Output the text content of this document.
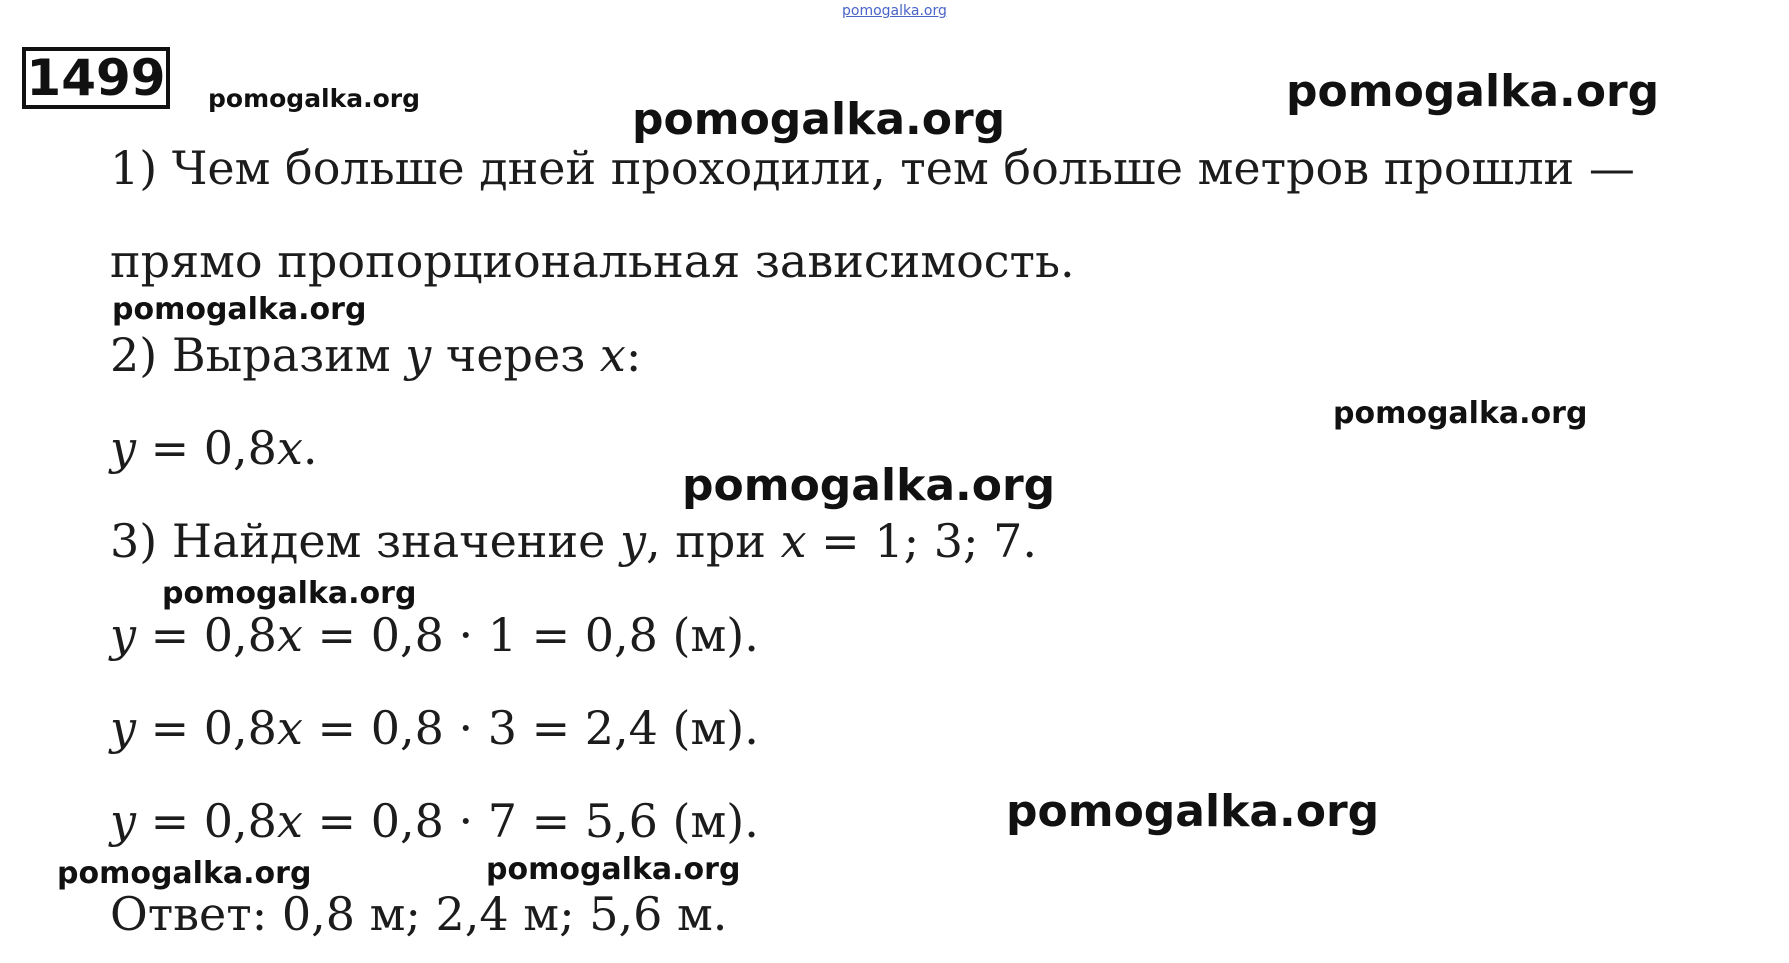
1499
pomogalka.org
pomogalka.org	pomogalka.org
pomogalka.org
pomogalka.org
pomogalka.org
pomogalka.org
pomogalka.org
pomogalka.org
pomogalka.org	pomogalka.org
1) Чем больше дней проходили, тем больше метров прошли —
прямо пропорциональная зависимость.
2) Выразим y через x:
y = 0,8x.
3) Найдем значение y, при x = 1; 3; 7.
y = 0,8x = 0,8 · 1 = 0,8 (м).
y = 0,8x = 0,8 · 3 = 2,4 (м).
y = 0,8x = 0,8 · 7 = 5,6 (м).
Ответ: 0,8 м; 2,4 м; 5,6 м.
